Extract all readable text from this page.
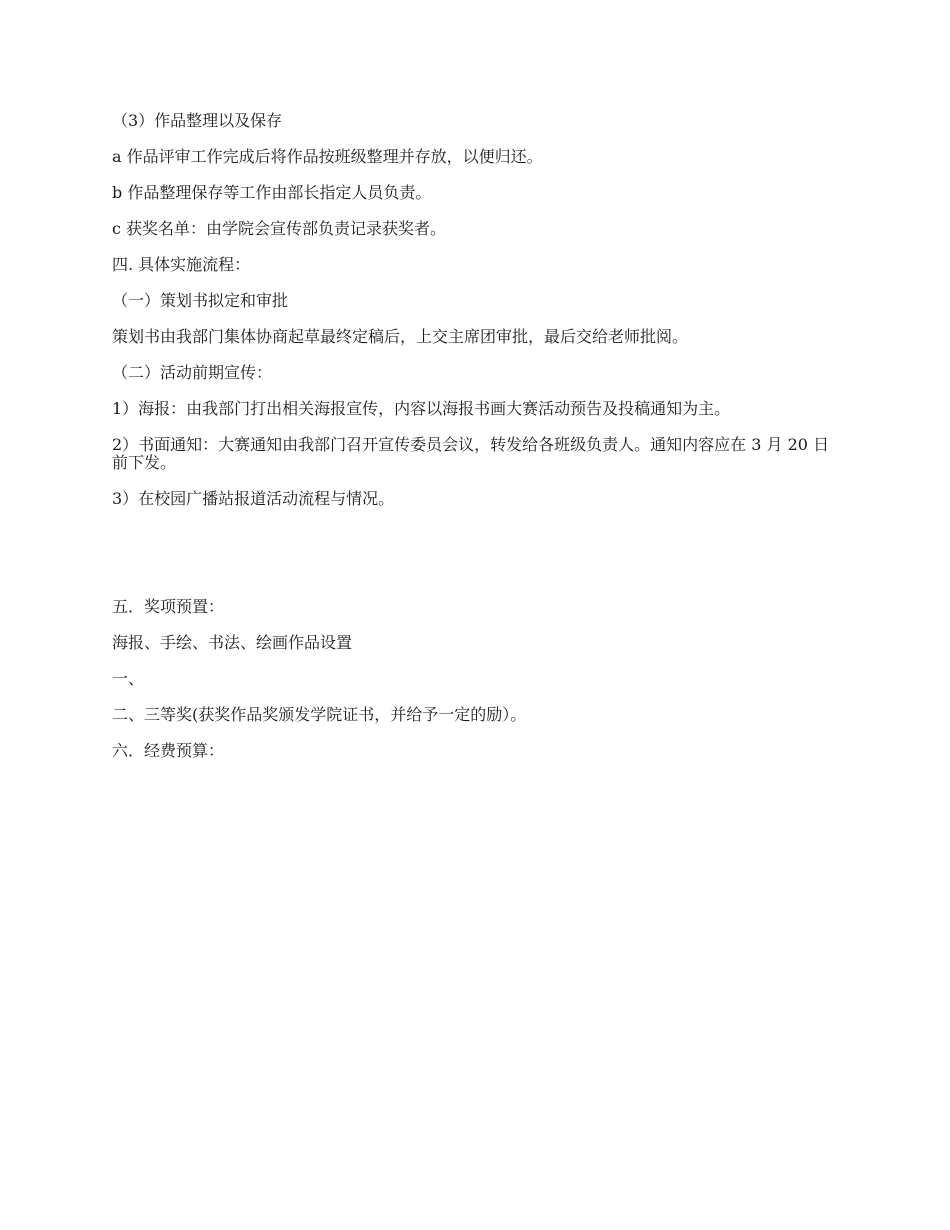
（3）作品整理以及保存

a 作品评审工作完成后将作品按班级整理并存放，以便归还。

b 作品整理保存等工作由部长指定人员负责。

c 获奖名单：由学院会宣传部负责记录获奖者。

四. 具体实施流程：

（一）策划书拟定和审批

策划书由我部门集体协商起草最终定稿后，上交主席团审批，最后交给老师批阅。

（二）活动前期宣传：

1）海报：由我部门打出相关海报宣传，内容以海报书画大赛活动预告及投稿通知为主。

2）书面通知：大赛通知由我部门召开宣传委员会议，转发给各班级负责人。通知内容应在 3 月 20 日前下发。

3）在校园广播站报道活动流程与情况。

五．奖项预置：

海报、手绘、书法、绘画作品设置

一、

二、三等奖(获奖作品奖颁发学院证书，并给予一定的励）。

六．经费预算：
